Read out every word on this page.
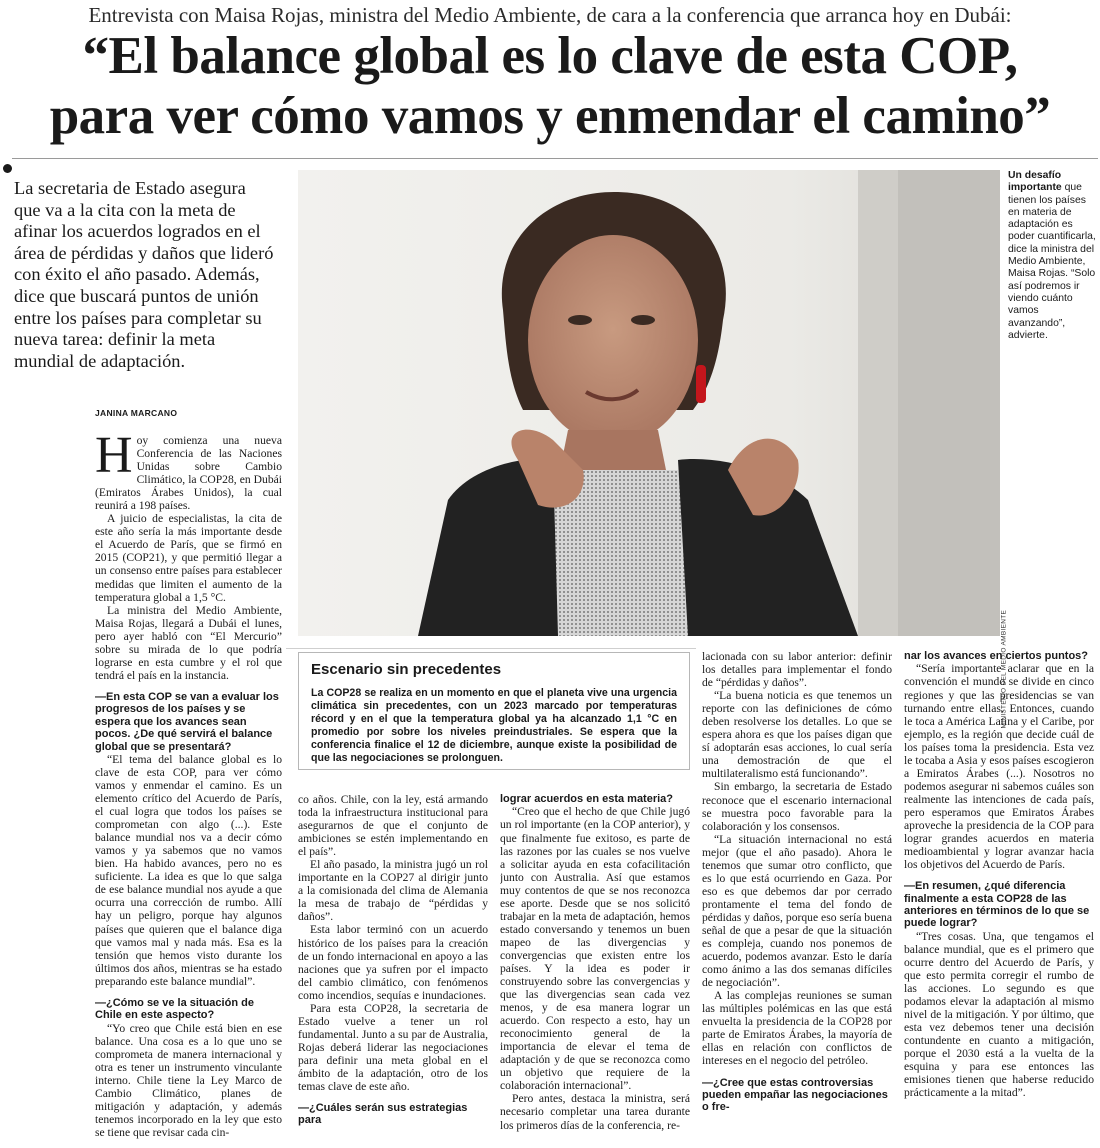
Entrevista con Maisa Rojas, ministra del Medio Ambiente, de cara a la conferencia que arranca hoy en Dubái:
“El balance global es lo clave de esta COP,
para ver cómo vamos y enmendar el camino”
La secretaria de Estado asegura que va a la cita con la meta de afinar los acuerdos logrados en el área de pérdidas y daños que lideró con éxito el año pasado. Además, dice que buscará puntos de unión entre los países para completar su nueva tarea: definir la meta mundial de adaptación.
JANINA MARCANO
MINISTERIO DEL MEDIO AMBIENTE
Un desafío importante que tienen los países en materia de adaptación es poder cuantificarla, dice la ministra del Medio Ambiente, Maisa Rojas. “Solo así podremos ir viendo cuánto vamos avanzando”, advierte.

Hoy comienza una nueva Conferencia de las Naciones Unidas sobre Cambio Climático, la COP28, en Dubái (Emiratos Árabes Unidos), la cual reunirá a 198 países.

A juicio de especialistas, la cita de este año sería la más importante desde el Acuerdo de París, que se firmó en 2015 (COP21), y que permitió llegar a un consenso entre países para establecer medidas que limiten el aumento de la temperatura global a 1,5 °C.

La ministra del Medio Ambiente, Maisa Rojas, llegará a Dubái el lunes, pero ayer habló con “El Mercurio” sobre su mirada de lo que podría lograrse en esta cumbre y el rol que tendrá el país en la instancia.

—En esta COP se van a evaluar los progresos de los países y se espera que los avances sean pocos. ¿De qué servirá el balance global que se presentará?

“El tema del balance global es lo clave de esta COP, para ver cómo vamos y enmendar el camino. Es un elemento crítico del Acuerdo de París, el cual logra que todos los países se comprometan con algo (...). Este balance mundial nos va a decir cómo vamos y ya sabemos que no vamos bien. Ha habido avances, pero no es suficiente. La idea es que lo que salga de ese balance mundial nos ayude a que ocurra una corrección de rumbo. Allí hay un peligro, porque hay algunos países que quieren que el balance diga que vamos mal y nada más. Esa es la tensión que hemos visto durante los últimos dos años, mientras se ha estado preparando este balance mundial”.

—¿Cómo se ve la situación de Chile en este aspecto?

“Yo creo que Chile está bien en ese balance. Una cosa es a lo que uno se comprometa de manera internacional y otra es tener un instrumento vinculante interno. Chile tiene la Ley Marco de Cambio Climático, planes de mitigación y adaptación, y además tenemos incorporado en la ley que esto se tiene que revisar cada cin-

Escenario sin precedentes
La COP28 se realiza en un momento en que el planeta vive una urgencia climática sin precedentes, con un 2023 marcado por temperaturas récord y en el que la temperatura global ya ha alcanzado 1,1 °C en promedio por sobre los niveles preindustriales. Se espera que la conferencia finalice el 12 de diciembre, aunque existe la posibilidad de que las negociaciones se prolonguen.

co años. Chile, con la ley, está armando toda la infraestructura institucional para asegurarnos de que el conjunto de ambiciones se estén implementando en el país”.

El año pasado, la ministra jugó un rol importante en la COP27 al dirigir junto a la comisionada del clima de Alemania la mesa de trabajo de “pérdidas y daños”.

Esta labor terminó con un acuerdo histórico de los países para la creación de un fondo internacional en apoyo a las naciones que ya sufren por el impacto del cambio climático, con fenómenos como incendios, sequías e inundaciones.

Para esta COP28, la secretaria de Estado vuelve a tener un rol fundamental. Junto a su par de Australia, Rojas deberá liderar las negociaciones para definir una meta global en el ámbito de la adaptación, otro de los temas clave de este año.

—¿Cuáles serán sus estrategias para

lograr acuerdos en esta materia?

“Creo que el hecho de que Chile jugó un rol importante (en la COP anterior), y que finalmente fue exitoso, es parte de las razones por las cuales se nos vuelve a solicitar ayuda en esta cofacilitación junto con Australia. Así que estamos muy contentos de que se nos reconozca ese aporte. Desde que se nos solicitó trabajar en la meta de adaptación, hemos estado conversando y tenemos un buen mapeo de las divergencias y convergencias que existen entre los países. Y la idea es poder ir construyendo sobre las convergencias y que las divergencias sean cada vez menos, y de esa manera lograr un acuerdo. Con respecto a esto, hay un reconocimiento general de la importancia de elevar el tema de adaptación y de que se reconozca como un objetivo que requiere de la colaboración internacional”.

Pero antes, destaca la ministra, será necesario completar una tarea durante los primeros días de la conferencia, re-

lacionada con su labor anterior: definir los detalles para implementar el fondo de “pérdidas y daños”.

“La buena noticia es que tenemos un reporte con las definiciones de cómo deben resolverse los detalles. Lo que se espera ahora es que los países digan que sí adoptarán esas acciones, lo cual sería una demostración de que el multilateralismo está funcionando”.

Sin embargo, la secretaria de Estado reconoce que el escenario internacional se muestra poco favorable para la colaboración y los consensos.

“La situación internacional no está mejor (que el año pasado). Ahora le tenemos que sumar otro conflicto, que es lo que está ocurriendo en Gaza. Por eso es que debemos dar por cerrado prontamente el tema del fondo de pérdidas y daños, porque eso sería buena señal de que a pesar de que la situación es compleja, cuando nos ponemos de acuerdo, podemos avanzar. Esto le daría como ánimo a las dos semanas difíciles de negociación”.

A las complejas reuniones se suman las múltiples polémicas en las que está envuelta la presidencia de la COP28 por parte de Emiratos Árabes, la mayoría de ellas en relación con conflictos de intereses en el negocio del petróleo.

—¿Cree que estas controversias pueden empañar las negociaciones o fre-

nar los avances en ciertos puntos?

“Sería importante aclarar que en la convención el mundo se divide en cinco regiones y que las presidencias se van turnando entre ellas. Entonces, cuando le toca a América Latina y el Caribe, por ejemplo, es la región que decide cuál de los países toma la presidencia. Esta vez le tocaba a Asia y esos países escogieron a Emiratos Árabes (...). Nosotros no podemos asegurar ni sabemos cuáles son realmente las intenciones de cada país, pero esperamos que Emiratos Árabes aproveche la presidencia de la COP para lograr grandes acuerdos en materia medioambiental y lograr avanzar hacia los objetivos del Acuerdo de París.

—En resumen, ¿qué diferencia finalmente a esta COP28 de las anteriores en términos de lo que se puede lograr?

“Tres cosas. Una, que tengamos el balance mundial, que es el primero que ocurre dentro del Acuerdo de París, y que esto permita corregir el rumbo de las acciones. Lo segundo es que podamos elevar la adaptación al mismo nivel de la mitigación. Y por último, que esta vez debemos tener una decisión contundente en cuanto a mitigación, porque el 2030 está a la vuelta de la esquina y para ese entonces las emisiones tienen que haberse reducido prácticamente a la mitad”.
